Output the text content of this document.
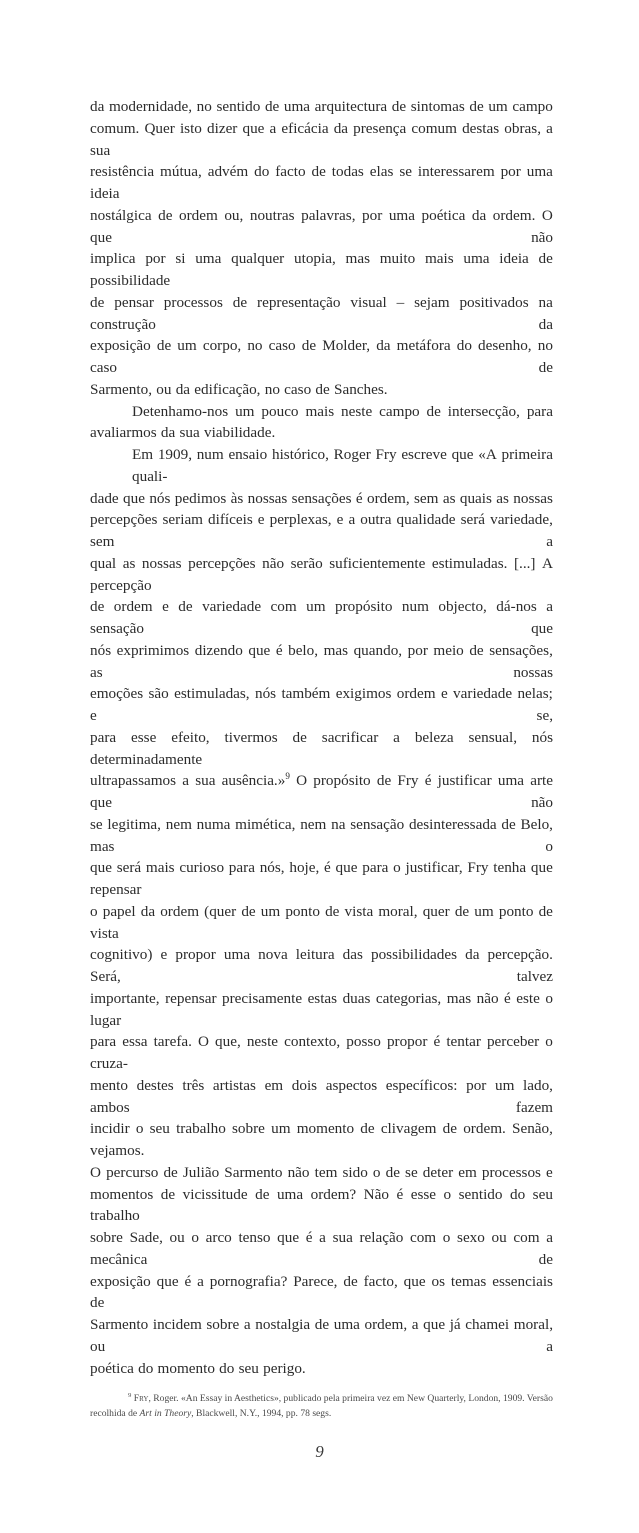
da modernidade, no sentido de uma arquitectura de sintomas de um campo
comum. Quer isto dizer que a eficácia da presença comum destas obras, a
sua
resistência mútua, advém do facto de todas elas se interessarem por uma
ideia
nostálgica de ordem ou, noutras palavras, por uma poética da ordem. O
que	não
implica por si uma qualquer utopia, mas muito mais uma ideia de
possibilidade
de pensar processos de representação visual – sejam positivados na
construção	da
exposição de um corpo, no caso de Molder, da metáfora do desenho, no
caso	de
Sarmento, ou da edificação, no caso de Sanches.
Detenhamo-nos um pouco mais neste campo de intersecção, para
avaliarmos da sua viabilidade.
Em 1909, num ensaio histórico, Roger Fry escreve que «A primeira
quali-
dade que nós pedimos às nossas sensações é ordem, sem as quais as nossas
percepções seriam difíceis e perplexas, e a outra qualidade será variedade,
sem	a
qual as nossas percepções não serão suficientemente estimuladas. [...] A
percepção
de ordem e de variedade com um propósito num objecto, dá-nos a
sensação	que
nós exprimimos dizendo que é belo, mas quando, por meio de sensações,
as	nossas
emoções são estimuladas, nós também exigimos ordem e variedade nelas;
e	se,
para esse efeito, tivermos de sacrificar a beleza sensual, nós
determinadamente
ultrapassamos a sua ausência.»$^9$ O propósito de Fry é justificar uma arte
que	não
se legitima, nem numa mimética, nem na sensação desinteressada de Belo,
mas	o
que será mais curioso para nós, hoje, é que para o justificar, Fry tenha que
repensar
o papel da ordem (quer de um ponto de vista moral, quer de um ponto de
vista
cognitivo) e propor uma nova leitura das possibilidades da percepção.
Será,	talvez
importante, repensar precisamente estas duas categorias, mas não é este o
lugar
para essa tarefa. O que, neste contexto, posso propor é tentar perceber o
cruza-
mento destes três artistas em dois aspectos específicos: por um lado,
ambos	fazem
incidir o seu trabalho sobre um momento de clivagem de ordem. Senão,
vejamos.
O percurso de Julião Sarmento não tem sido o de se deter em processos e
momentos de vicissitude de uma ordem? Não é esse o sentido do seu
trabalho
sobre Sade, ou o arco tenso que é a sua relação com o sexo ou com a
mecânica	de
exposição que é a pornografia? Parece, de facto, que os temas essenciais
de
Sarmento incidem sobre a nostalgia de uma ordem, a que já chamei moral,
ou	a
poética do momento do seu perigo.
$^9$ Fry, Roger. «An Essay in Aesthetics», publicado pela primeira vez em New Quarterly, London, 1909. Versão recolhida de Art in Theory, Blackwell, N.Y., 1994, pp. 78 segs.
9
